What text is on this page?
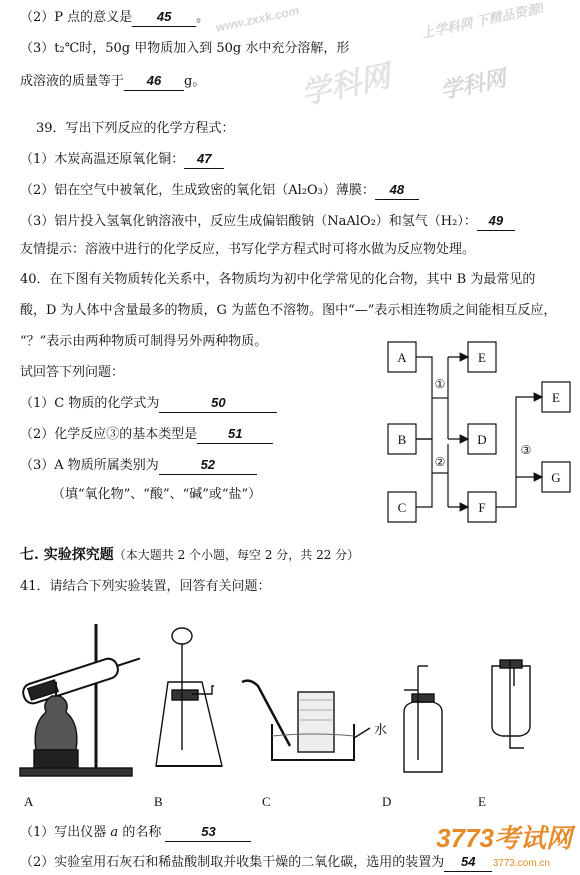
www.zxxk.com	上学科网 下精品资源!
学科网
学科网
（2）P 点的意义是 45 。
（3）t₂℃时，50g 甲物质加入到 50g 水中充分溶解，形
成溶液的质量等于 46 g。
39．写出下列反应的化学方程式：
（1）木炭高温还原氧化铜： 47
（2）铝在空气中被氧化，生成致密的氧化铝（Al₂O₃）薄膜： 48
（3）铝片投入氢氧化钠溶液中，反应生成偏铝酸钠（NaAlO₂）和氢气（H₂）： 49
友情提示：溶液中进行的化学反应，书写化学方程式时可将水做为反应物处理。
40．在下图有关物质转化关系中，各物质均为初中化学常见的化合物，其中 B 为最常见的
酸，D 为人体中含量最多的物质，G 为蓝色不溶物。图中“—”表示相连物质之间能相互反应，
“？”表示由两种物质可制得另外两种物质。
试回答下列问题：
（1）C 物质的化学式为	50
（2）化学反应③的基本类型是 51
（3）A 物质所属类别为	52
（填“氧化物”、“酸”、“碱”或“盐”）
A	E
B	D
C	F
E
G
①
②
③
七. 实验探究题（本大题共 2 个小题，每空 2 分，共 22 分）
41．请结合下列实验装置，回答有关问题：
水
A	B	C	D	E
（1）写出仪器 a 的名称	53
（2）实验室用石灰石和稀盐酸制取并收集干燥的二氧化碳，选用的装置为 54
3773考试网
3773.com.cn
